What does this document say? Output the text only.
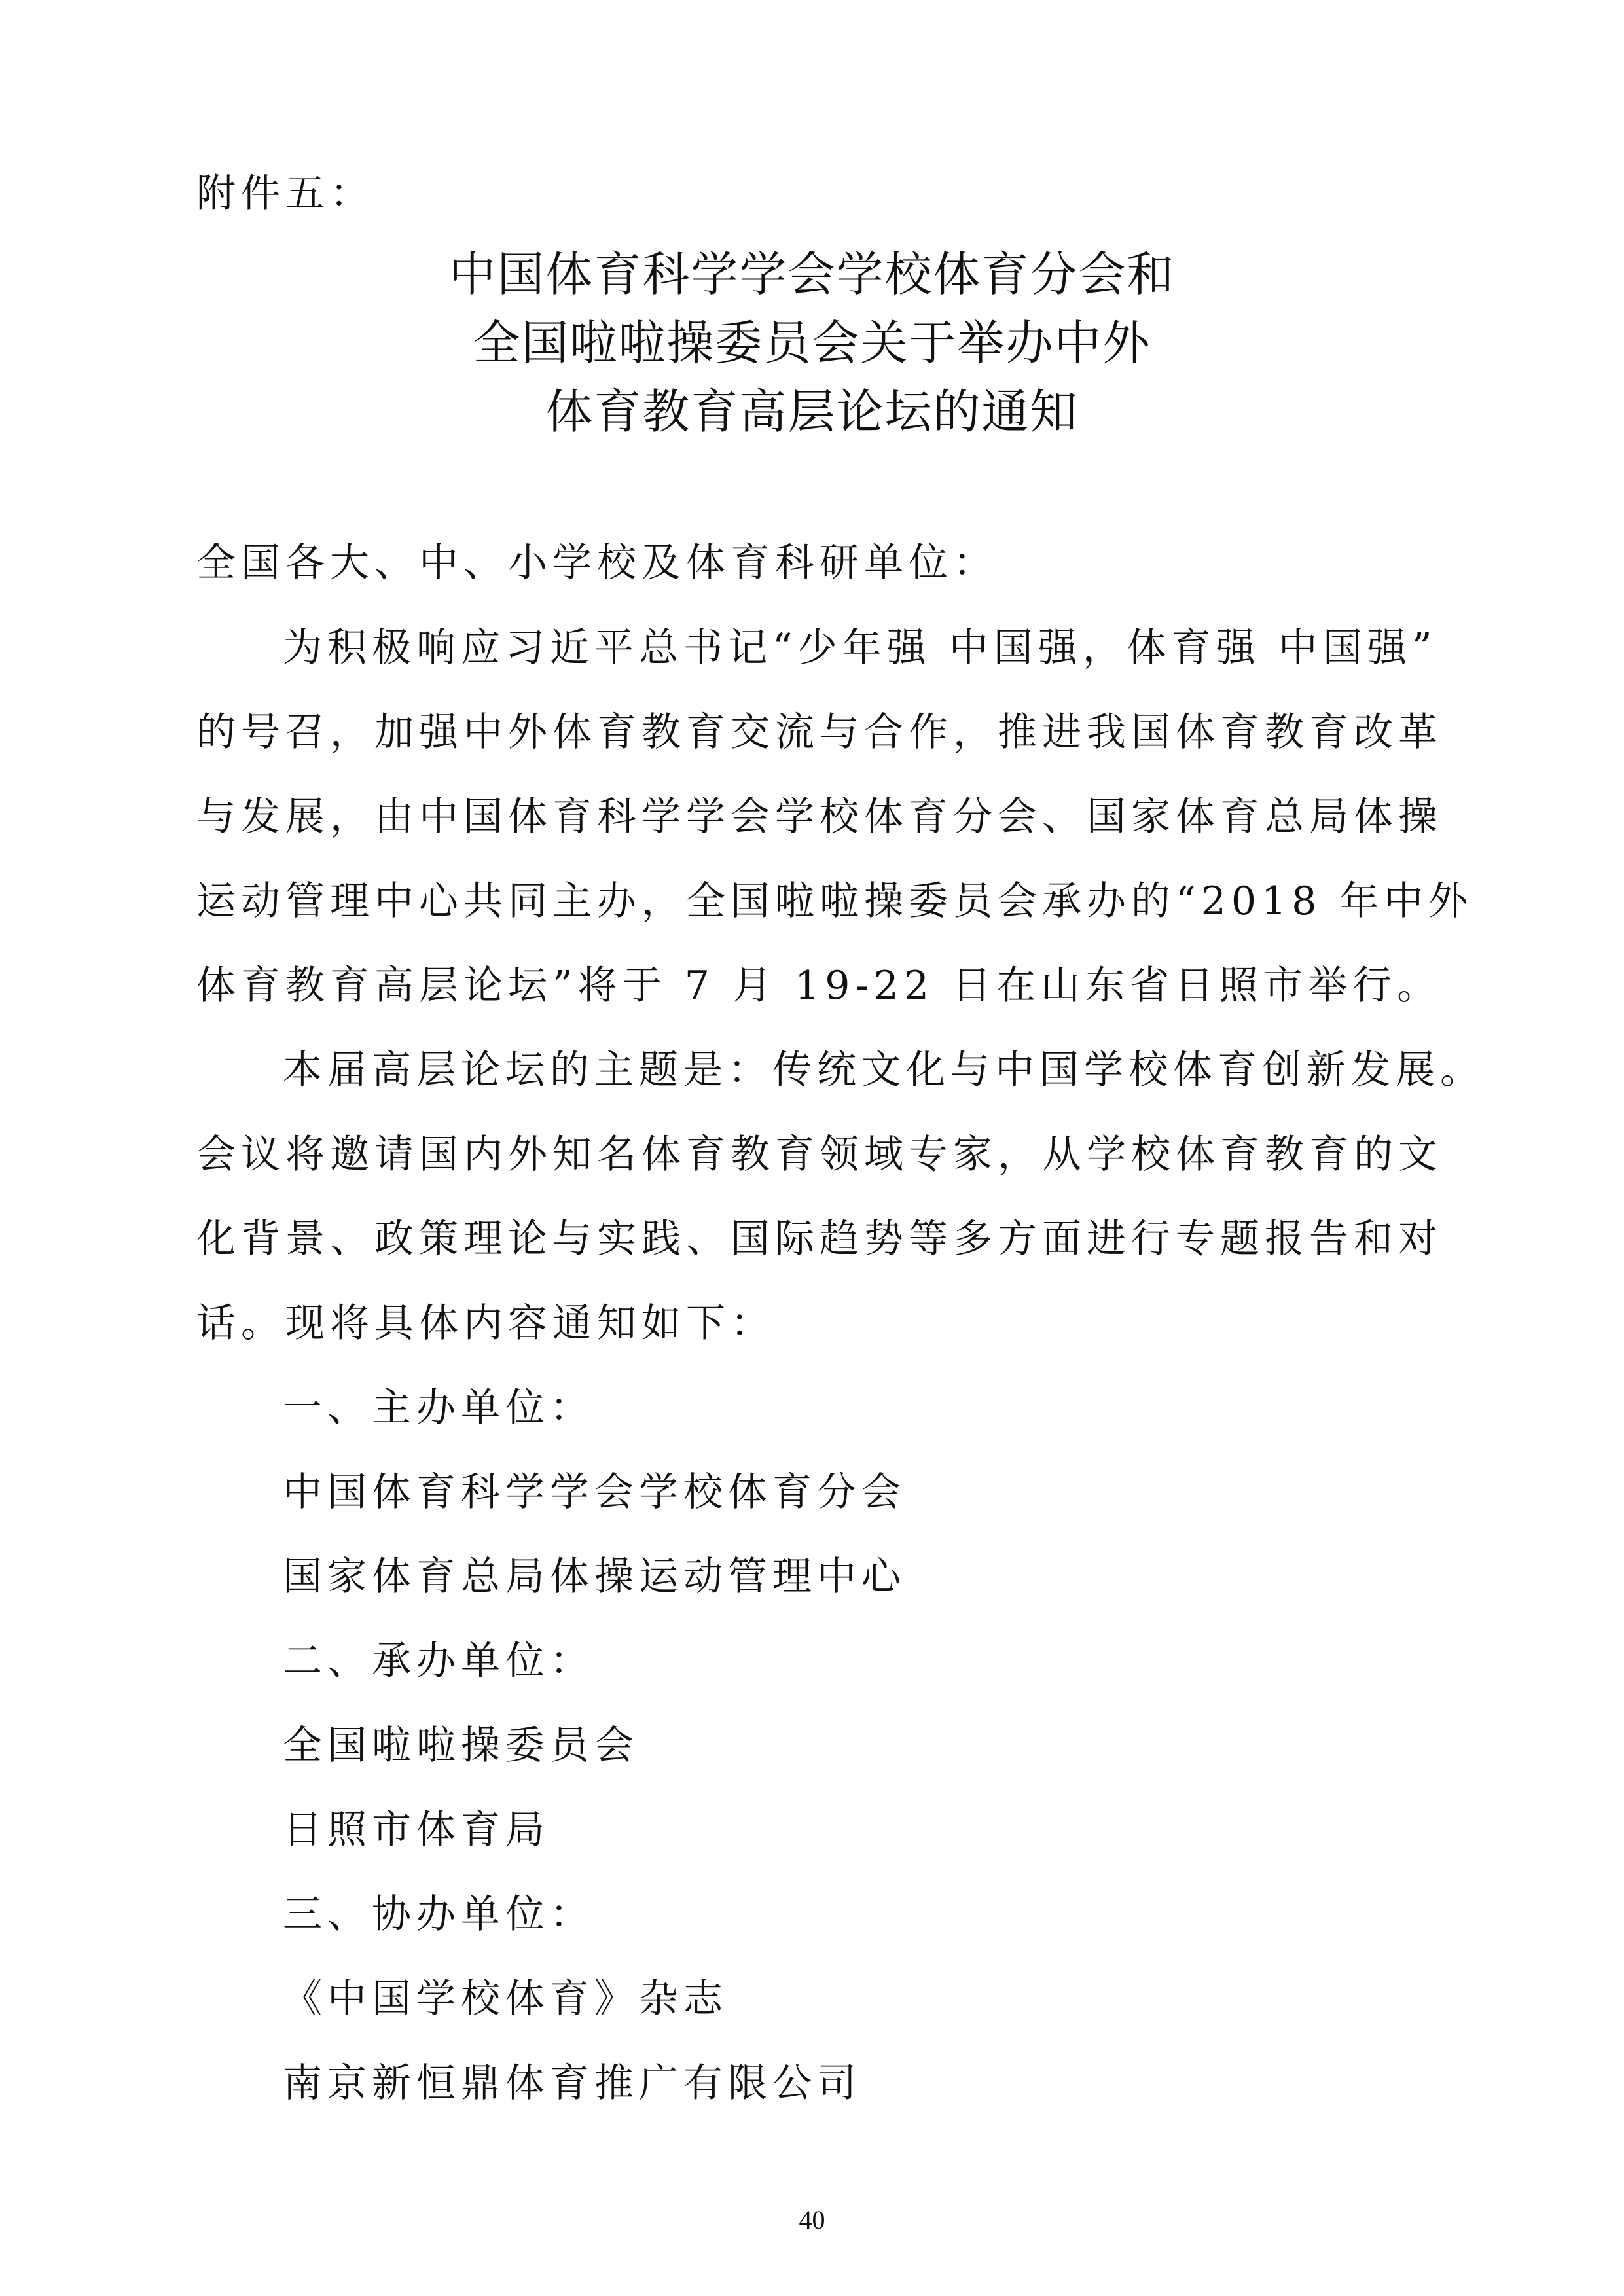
附件五：
中国体育科学学会学校体育分会和
全国啦啦操委员会关于举办中外
体育教育高层论坛的通知
全国各大、中、小学校及体育科研单位：
为积极响应习近平总书记“少年强 中国强，体育强 中国强”
的号召，加强中外体育教育交流与合作，推进我国体育教育改革
与发展，由中国体育科学学会学校体育分会、国家体育总局体操
运动管理中心共同主办，全国啦啦操委员会承办的“2018 年中外
体育教育高层论坛”将于 7 月 19-22 日在山东省日照市举行。
本届高层论坛的主题是：传统文化与中国学校体育创新发展。
会议将邀请国内外知名体育教育领域专家，从学校体育教育的文
化背景、政策理论与实践、国际趋势等多方面进行专题报告和对
话。现将具体内容通知如下：
一、主办单位：
中国体育科学学会学校体育分会
国家体育总局体操运动管理中心
二、承办单位：
全国啦啦操委员会
日照市体育局
三、协办单位：
《中国学校体育》杂志
南京新恒鼎体育推广有限公司
40
